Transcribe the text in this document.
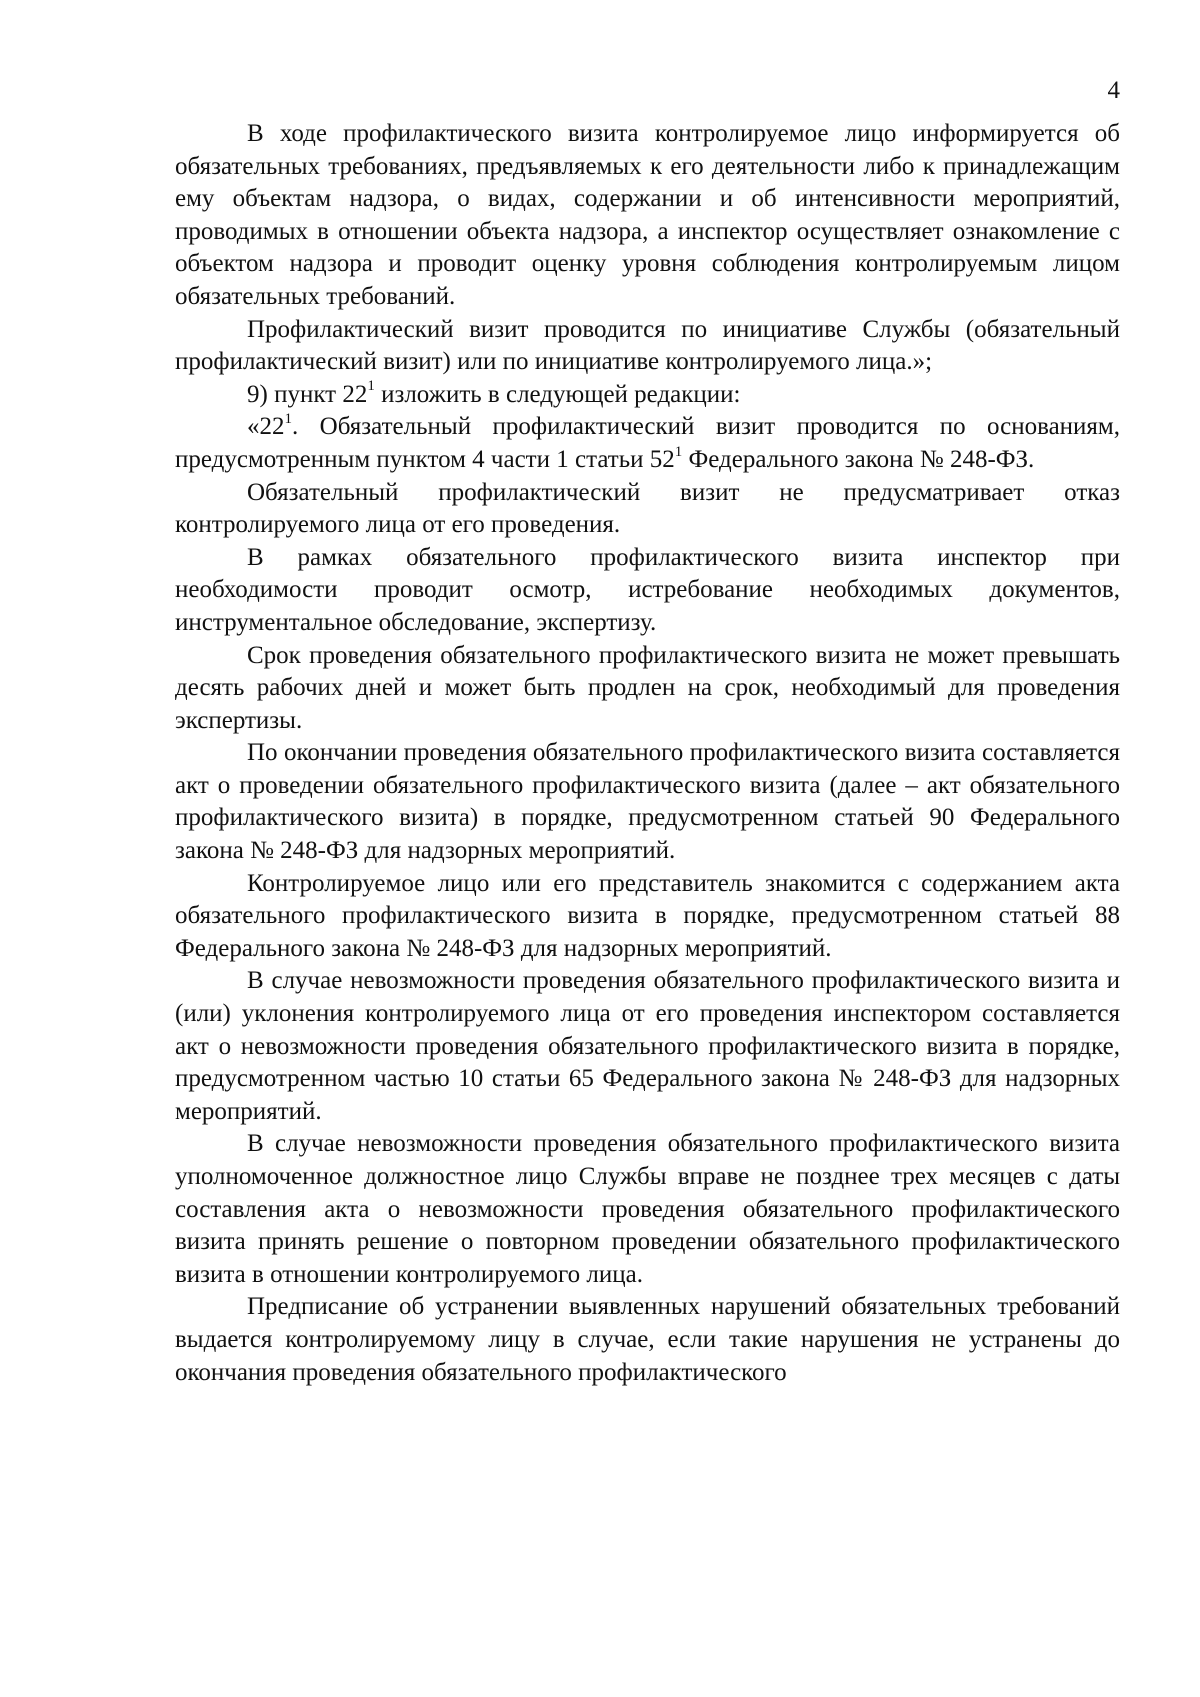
4

В ходе профилактического визита контролируемое лицо информируется об обязательных требованиях, предъявляемых к его деятельности либо к принадлежащим ему объектам надзора, о видах, содержании и об интенсивности мероприятий, проводимых в отношении объекта надзора, а инспектор осуществляет ознакомление с объектом надзора и проводит оценку уровня соблюдения контролируемым лицом обязательных требований.

Профилактический визит проводится по инициативе Службы (обязательный профилактический визит) или по инициативе контролируемого лица.»;

9) пункт $22^1$ изложить в следующей редакции:

«$22^1$. Обязательный профилактический визит проводится по основаниям, предусмотренным пунктом 4 части 1 статьи $52^1$ Федерального закона № 248-ФЗ.

Обязательный профилактический визит не предусматривает отказ контролируемого лица от его проведения.

В рамках обязательного профилактического визита инспектор при необходимости проводит осмотр, истребование необходимых документов, инструментальное обследование, экспертизу.

Срок проведения обязательного профилактического визита не может превышать десять рабочих дней и может быть продлен на срок, необходимый для проведения экспертизы.

По окончании проведения обязательного профилактического визита составляется акт о проведении обязательного профилактического визита (далее – акт обязательного профилактического визита) в порядке, предусмотренном статьей 90 Федерального закона № 248-ФЗ для надзорных мероприятий.

Контролируемое лицо или его представитель знакомится с содержанием акта обязательного профилактического визита в порядке, предусмотренном статьей 88 Федерального закона № 248-ФЗ для надзорных мероприятий.

В случае невозможности проведения обязательного профилактического визита и (или) уклонения контролируемого лица от его проведения инспектором составляется акт о невозможности проведения обязательного профилактического визита в порядке, предусмотренном частью 10 статьи 65 Федерального закона № 248-ФЗ для надзорных мероприятий.

В случае невозможности проведения обязательного профилактического визита уполномоченное должностное лицо Службы вправе не позднее трех месяцев с даты составления акта о невозможности проведения обязательного профилактического визита принять решение о повторном проведении обязательного профилактического визита в отношении контролируемого лица.

Предписание об устранении выявленных нарушений обязательных требований выдается контролируемому лицу в случае, если такие нарушения не устранены до окончания проведения обязательного профилактического
